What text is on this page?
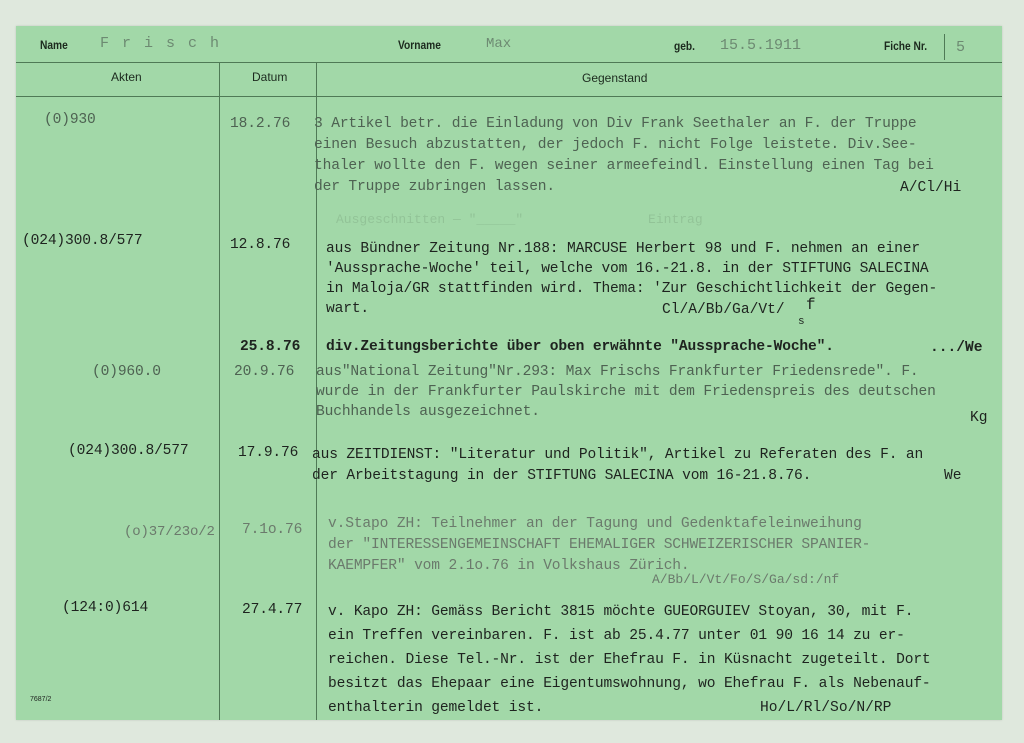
Name F r i s c h	Vorname	Max	geb. 15.5.1911	Fiche Nr. 5
Akten	Datum	Gegenstand
Ausgeschnitten — "_____"                Eintrag
(0)930	18.2.76 3 Artikel betr. die Einladung von Div Frank Seethaler an F. der Truppe
einen Besuch abzustatten, der jedoch F. nicht Folge leistete. Div.See-
thaler wollte den F. wegen seiner armeefeindl. Einstellung einen Tag bei
der Truppe zubringen lassen.	A/Cl/Hi
(024)300.8/577	12.8.76 aus Bündner Zeitung Nr.188: MARCUSE Herbert 98 und F. nehmen an einer
'Aussprache-Woche' teil, welche vom 16.-21.8. in der STIFTUNG SALECINA
in Maloja/GR stattfinden wird. Thema: 'Zur Geschichtlichkeit der Gegen-
wart.	Cl/A/Bb/Ga/Vt/ f
s
25.8.76 div.Zeitungsberichte über oben erwähnte "Aussprache-Woche".	.../We
(0)960.0	20.9.76 aus"National Zeitung"Nr.293: Max Frischs Frankfurter Friedensrede". F.
wurde in der Frankfurter Paulskirche mit dem Friedenspreis des deutschen
Buchhandels ausgezeichnet.	Kg
(024)300.8/577	17.9.76 aus ZEITDIENST: "Literatur und Politik", Artikel zu Referaten des F. an
der Arbeitstagung in der STIFTUNG SALECINA vom 16-21.8.76.	We
(o)37/23o/2 7.1o.76 v.Stapo ZH: Teilnehmer an der Tagung und Gedenktafeleinweihung
der "INTERESSENGEMEINSCHAFT EHEMALIGER SCHWEIZERISCHER SPANIER-
KAEMPFER" vom 2.1o.76 in Volkshaus Zürich.
A/Bb/L/Vt/Fo/S/Ga/sd:/nf
(124:0)614	27.4.77 v. Kapo ZH: Gemäss Bericht 3815 möchte GUEORGUIEV Stoyan, 30, mit F.
ein Treffen vereinbaren. F. ist ab 25.4.77 unter 01 90 16 14 zu er-
reichen. Diese Tel.-Nr. ist der Ehefrau F. in Küsnacht zugeteilt. Dort
besitzt das Ehepaar eine Eigentumswohnung, wo Ehefrau F. als Nebenauf-
enthalterin gemeldet ist.	Ho/L/Rl/So/N/RP
7687/2
